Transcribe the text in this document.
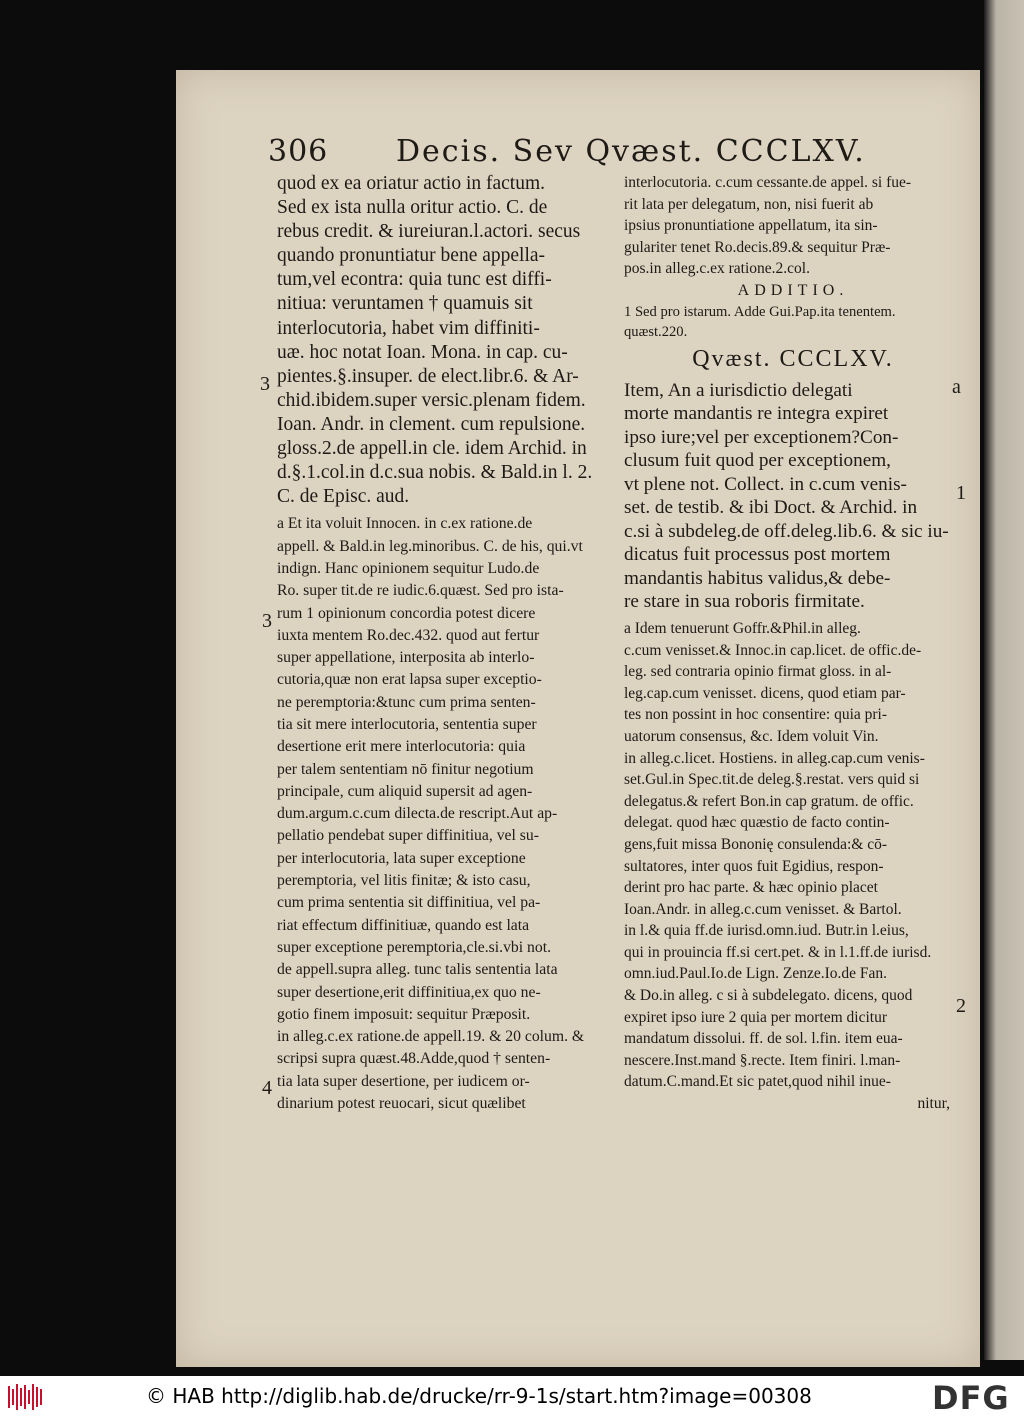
306 Decis. Sev Qvæst. CCCLXV.
quod ex ea oriatur actio in factum.
Sed ex ista nulla oritur actio. C. de
rebus credit. & iureiuran.l.actori. secus
quando pronuntiatur bene appella-
tum,vel econtra: quia tunc est diffi-
nitiua: veruntamen † quamuis sit
interlocutoria, habet vim diffiniti-
uæ. hoc notat Ioan. Mona. in cap. cu-
pientes.§.insuper. de elect.libr.6. & Ar-
chid.ibidem.super versic.plenam fidem.
Ioan. Andr. in clement. cum repulsione.
gloss.2.de appell.in cle. idem Archid. in
d.§.1.col.in d.c.sua nobis. & Bald.in l. 2.
C. de Episc. aud.
a Et ita voluit Innocen. in c.ex ratione.de
appell. & Bald.in leg.minoribus. C. de his, qui.vt
indign. Hanc opinionem sequitur Ludo.de
Ro. super tit.de re iudic.6.quæst. Sed pro ista-
rum 1 opinionum concordia potest dicere
iuxta mentem Ro.dec.432. quod aut fertur
super appellatione, interposita ab interlo-
cutoria,quæ non erat lapsa super exceptio-
ne peremptoria:&tunc cum prima senten-
tia sit mere interlocutoria, sententia super
desertione erit mere interlocutoria: quia
per talem sententiam nō finitur negotium
principale, cum aliquid supersit ad agen-
dum.argum.c.cum dilecta.de rescript.Aut ap-
pellatio pendebat super diffinitiua, vel su-
per interlocutoria, lata super exceptione
peremptoria, vel litis finitæ; & isto casu,
cum prima sententia sit diffinitiua, vel pa-
riat effectum diffinitiuæ, quando est lata
super exceptione peremptoria,cle.si.vbi not.
de appell.supra alleg. tunc talis sententia lata
super desertione,erit diffinitiua,ex quo ne-
gotio finem imposuit: sequitur Præposit.
in alleg.c.ex ratione.de appell.19. & 20 colum. &
scripsi supra quæst.48.Adde,quod † senten-
tia lata super desertione, per iudicem or-
dinarium potest reuocari, sicut quælibet
3
3
4
interlocutoria. c.cum cessante.de appel. si fue-
rit lata per delegatum, non, nisi fuerit ab
ipsius pronuntiatione appellatum, ita sin-
gulariter tenet Ro.decis.89.& sequitur Præ-
pos.in alleg.c.ex ratione.2.col.
ADDITIO.
1 Sed pro istarum. Adde Gui.Pap.ita tenentem.
quæst.220.
Qvæst. CCCLXV.
Item, An a iurisdictio delegati
morte mandantis re integra expiret
ipso iure;vel per exceptionem?Con-
clusum fuit quod per exceptionem,
vt plene not. Collect. in c.cum venis-
set. de testib. & ibi Doct. & Archid. in
c.si à subdeleg.de off.deleg.lib.6. & sic iu-
dicatus fuit processus post mortem
mandantis habitus validus,& debe-
re stare in sua roboris firmitate.
a Idem tenuerunt Goffr.&Phil.in alleg.
c.cum venisset.& Innoc.in cap.licet. de offic.de-
leg. sed contraria opinio firmat gloss. in al-
leg.cap.cum venisset. dicens, quod etiam par-
tes non possint in hoc consentire: quia pri-
uatorum consensus, &c. Idem voluit Vin.
in alleg.c.licet. Hostiens. in alleg.cap.cum venis-
set.Gul.in Spec.tit.de deleg.§.restat. vers quid si
delegatus.& refert Bon.in cap gratum. de offic.
delegat. quod hæc quæstio de facto contin-
gens,fuit missa Bononię consulenda:& cō-
sultatores, inter quos fuit Egidius, respon-
derint pro hac parte. & hæc opinio placet
Ioan.Andr. in alleg.c.cum venisset. & Bartol.
in l.& quia ff.de iurisd.omn.iud. Butr.in l.eius,
qui in prouincia ff.si cert.pet. & in l.1.ff.de iurisd.
omn.iud.Paul.Io.de Lign. Zenze.Io.de Fan.
& Do.in alleg. c si à subdelegato. dicens, quod
expiret ipso iure 2 quia per mortem dicitur
mandatum dissolui. ff. de sol. l.fin. item eua-
nescere.Inst.mand §.recte. Item finiri. l.man-
datum.C.mand.Et sic patet,quod nihil inue-
nitur,
a
1
2
© HAB http://diglib.hab.de/drucke/rr-9-1s/start.htm?image=00308	DFG
